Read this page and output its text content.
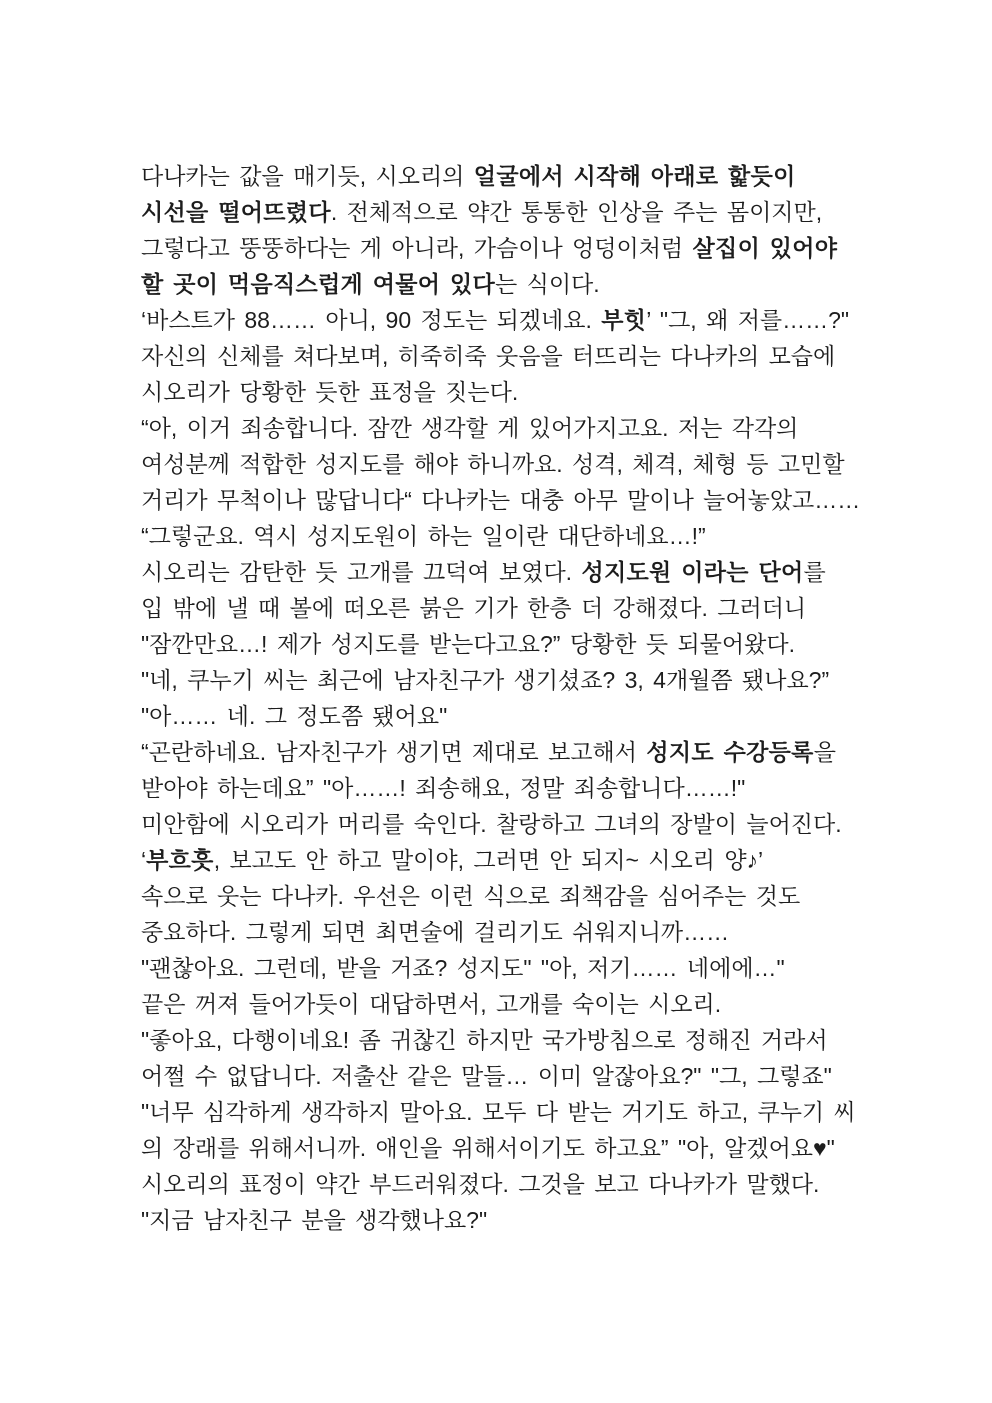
다나카는 값을 매기듯, 시오리의 얼굴에서 시작해 아래로 핥듯이
시선을 떨어뜨렸다. 전체적으로 약간 통통한 인상을 주는 몸이지만,
그렇다고 뚱뚱하다는 게 아니라, 가슴이나 엉덩이처럼 살집이 있어야
할 곳이 먹음직스럽게 여물어 있다는 식이다.
‘바스트가 88…… 아니, 90 정도는 되겠네요. 부힛’ "그, 왜 저를……?"
자신의 신체를 쳐다보며, 히죽히죽 웃음을 터뜨리는 다나카의 모습에
시오리가 당황한 듯한 표정을 짓는다.
“아, 이거 죄송합니다. 잠깐 생각할 게 있어가지고요. 저는 각각의
여성분께 적합한 성지도를 해야 하니까요. 성격, 체격, 체형 등 고민할
거리가 무척이나 많답니다“ 다나카는 대충 아무 말이나 늘어놓았고……
“그렇군요. 역시 성지도원이 하는 일이란 대단하네요…!”
시오리는 감탄한 듯 고개를 끄덕여 보였다. 성지도원 이라는 단어를
입 밖에 낼 때 볼에 떠오른 붉은 기가 한층 더 강해졌다. 그러더니
"잠깐만요…! 제가 성지도를 받는다고요?” 당황한 듯 되물어왔다.
"네, 쿠누기 씨는 최근에 남자친구가 생기셨죠? 3, 4개월쯤 됐나요?”
"아…… 네. 그 정도쯤 됐어요"
“곤란하네요. 남자친구가 생기면 제대로 보고해서 성지도 수강등록을
받아야 하는데요” "아……! 죄송해요, 정말 죄송합니다……!"
미안함에 시오리가 머리를 숙인다. 찰랑하고 그녀의 장발이 늘어진다.
‘부흐흣, 보고도 안 하고 말이야, 그러면 안 되지~ 시오리 양♪’
속으로 웃는 다나카. 우선은 이런 식으로 죄책감을 심어주는 것도
중요하다. 그렇게 되면 최면술에 걸리기도 쉬워지니까……
"괜찮아요. 그런데, 받을 거죠? 성지도" "아, 저기…… 네에에…"
끝은 꺼져 들어가듯이 대답하면서, 고개를 숙이는 시오리.
"좋아요, 다행이네요! 좀 귀찮긴 하지만 국가방침으로 정해진 거라서
어쩔 수 없답니다. 저출산 같은 말들… 이미 알잖아요?" "그, 그렇죠"
"너무 심각하게 생각하지 말아요. 모두 다 받는 거기도 하고, 쿠누기 씨
의 장래를 위해서니까. 애인을 위해서이기도 하고요” "아, 알겠어요♥"
시오리의 표정이 약간 부드러워졌다. 그것을 보고 다나카가 말했다.
"지금 남자친구 분을 생각했나요?"
